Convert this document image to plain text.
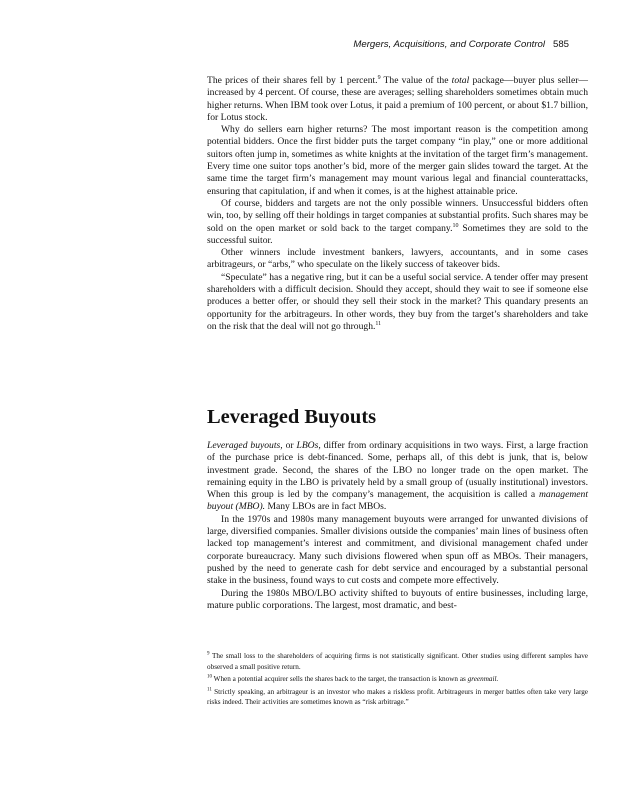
Mergers, Acquisitions, and Corporate Control 585

The prices of their shares fell by 1 percent.$^9$ The value of the total package—buyer plus seller—increased by 4 percent. Of course, these are averages; selling shareholders sometimes obtain much higher returns. When IBM took over Lotus, it paid a premium of 100 percent, or about $1.7 billion, for Lotus stock.

Why do sellers earn higher returns? The most important reason is the competition among potential bidders. Once the first bidder puts the target company “in play,” one or more additional suitors often jump in, sometimes as white knights at the invitation of the target firm’s management. Every time one suitor tops another’s bid, more of the merger gain slides toward the target. At the same time the target firm’s management may mount various legal and financial counterattacks, ensuring that capitulation, if and when it comes, is at the highest attainable price.

Of course, bidders and targets are not the only possible winners. Unsuccessful bidders often win, too, by selling off their holdings in target companies at substantial profits. Such shares may be sold on the open market or sold back to the target company.$^{10}$ Sometimes they are sold to the successful suitor.

Other winners include investment bankers, lawyers, accountants, and in some cases arbitrageurs, or “arbs,” who speculate on the likely success of takeover bids.

“Speculate” has a negative ring, but it can be a useful social service. A tender offer may present shareholders with a difficult decision. Should they accept, should they wait to see if someone else produces a better offer, or should they sell their stock in the market? This quandary presents an opportunity for the arbitrageurs. In other words, they buy from the target’s shareholders and take on the risk that the deal will not go through.$^{11}$

Leveraged Buyouts

Leveraged buyouts, or LBOs, differ from ordinary acquisitions in two ways. First, a large fraction of the purchase price is debt-financed. Some, perhaps all, of this debt is junk, that is, below investment grade. Second, the shares of the LBO no longer trade on the open market. The remaining equity in the LBO is privately held by a small group of (usually institutional) investors. When this group is led by the company’s management, the acquisition is called a management buyout (MBO). Many LBOs are in fact MBOs.

In the 1970s and 1980s many management buyouts were arranged for unwanted divisions of large, diversified companies. Smaller divisions outside the companies’ main lines of business often lacked top management’s interest and commitment, and divisional management chafed under corporate bureaucracy. Many such divisions flowered when spun off as MBOs. Their managers, pushed by the need to generate cash for debt service and encouraged by a substantial personal stake in the business, found ways to cut costs and compete more effectively.

During the 1980s MBO/LBO activity shifted to buyouts of entire businesses, including large, mature public corporations. The largest, most dramatic, and best-

$^9$ The small loss to the shareholders of acquiring firms is not statistically significant. Other studies using different samples have observed a small positive return.

$^{10}$ When a potential acquirer sells the shares back to the target, the transaction is known as greenmail.

$^{11}$ Strictly speaking, an arbitrageur is an investor who makes a riskless profit. Arbitrageurs in merger battles often take very large risks indeed. Their activities are sometimes known as “risk arbitrage.”
